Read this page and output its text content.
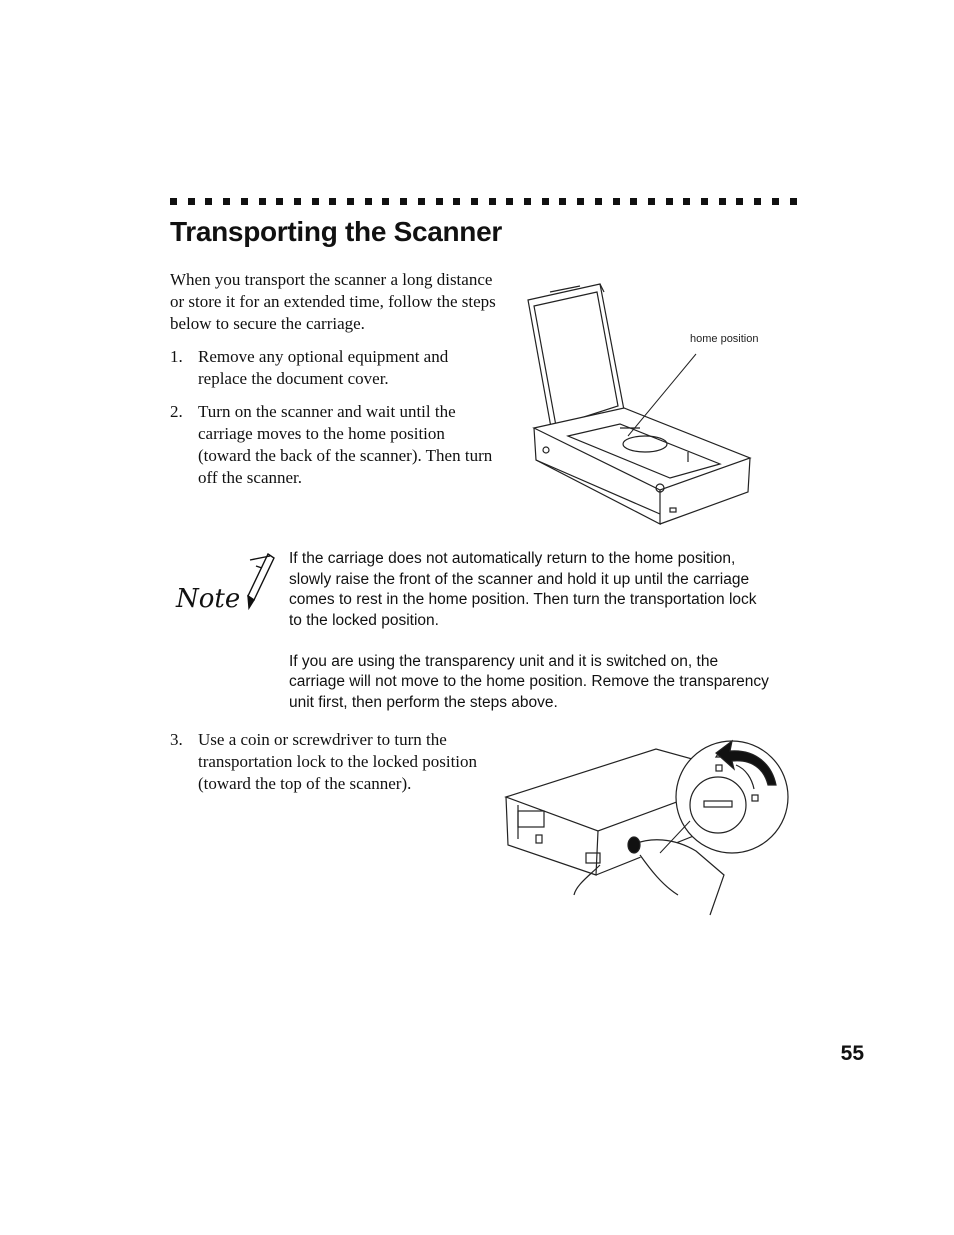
Transporting the Scanner

When you transport the scanner a long distance or store it for an extended time, follow the steps below to secure the carriage.

1. Remove any optional equipment and replace the document cover.
2. Turn on the scanner and wait until the carriage moves to the home position (toward the back of the scanner). Then turn off the scanner.
home position
Note

If the carriage does not automatically return to the home position, slowly raise the front of the scanner and hold it up until the carriage comes to rest in the home position. Then turn the transportation lock to the locked position.

If you are using the transparency unit and it is switched on, the carriage will not move to the home position. Remove the transparency unit first, then perform the steps above.

3. Use a coin or screwdriver to turn the transportation lock to the locked position (toward the top of the scanner).
55
